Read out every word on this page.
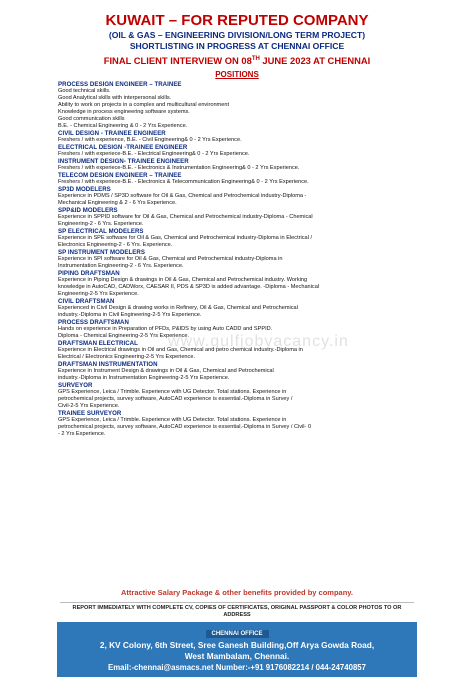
KUWAIT – FOR REPUTED COMPANY
(OIL & GAS – ENGINEERING DIVISION/LONG TERM PROJECT)
SHORTLISTING IN PROGRESS AT CHENNAI OFFICE
FINAL CLIENT INTERVIEW ON 08TH JUNE 2023 AT CHENNAI
POSITIONS
PROCESS DESIGN ENGINEER – TRAINEE
Good technical skills.
Good Analytical skills with interpersonal skills.
Ability to work on projects in a complex and multicultural environment
Knowledge in process engineering software systems.
Good communication skills
B.E. - Chemical Engineering & 0 - 2 Yrs Experience.
CIVIL DESIGN - TRAINEE ENGINEER
Freshers / with experience, B.E. - Civil Engineering& 0 - 2 Yrs Experience.
ELECTRICAL DESIGN -TRAINEE ENGINEER
Freshers / with experiece-B.E. - Electrical Engineering& 0 - 2 Yrs Experience.
INSTRUMENT DESIGN- TRAINEE ENGINEER
Freshers / with experiece-B.E. - Electronics & Instrumentation Engineering& 0 - 2 Yrs Experience.
TELECOM DESIGN ENGINEER – TRAINEE
Freshers / with experiece-B.E. - Electronics & Telecommunication Engineering& 0 - 2 Yrs Experience.
SP3D MODELERS
Experience in PDMS / SP3D software for Oil & Gas, Chemical and Petrochemical industry-Diploma -
Mechanical Engineering & 2 - 6 Yrs Experience.
SPP&ID MODELERS
Experience in SPPID software for Oil & Gas, Chemical and Petrochemical industry-Diploma - Chemical
Engineering-2 - 6 Yrs. Experience.
SP ELECTRICAL MODELERS
Experience in SPE software for Oil & Gas, Chemical and Petrochemical industry-Diploma in Electrical /
Electronics Engineering-2 - 6 Yrs. Experience.
SP INSTRUMENT MODELERS
Experience in SPI software for Oil & Gas, Chemical and Petrochemical industry-Diploma in
Instrumentation Engineering-2 - 6 Yrs. Experience.
PIPING DRAFTSMAN
Experience in Piping Design & drawings in Oil & Gas, Chemical and Petrochemical industry. Working
knowledge in AutoCAD, CADWorx, CAESAR II, PDS & SP3D is added advantage. -Diploma - Mechanical
Engineering-2-5 Yrs Experience.
CIVIL DRAFTSMAN
Experienced in Civil Design & drawing works in Refinery, Oil & Gas, Chemical and Petrochemical
industry.-Diploma in Civil Engineering-2-5 Yrs Experience.
PROCESS DRAFTSMAN
Hands on experience in Preparation of PFDs, P&IDS by using Auto CADD and SPPID.
Diploma - Chemical Engineering-2-5 Yrs Experience.
DRAFTSMAN ELECTRICAL
Experience in Electrical drawings in Oil and Gas, Chemical and petro chemical industry.-Diploma in
Electrical / Electronics Engineering-2-5 Yrs Experience.
DRAFTSMAN INSTRUMENTATION
Experience in Instrument Design & drawings in Oil & Gas, Chemical and Petrochemical
industry.-Diploma in Instrumentation Engineering-2-5 Yrs Experience.
SURVEYOR
GPS Experience, Leica / Trimble. Experience with UG Detector. Total stations. Experience in
petrochemical projects, survey software, AutoCAD experience is essential.-Diploma in Survey /
Civil-2-5 Yrs Experience.
TRAINEE SURVEYOR
GPS Experience, Leica / Trimble. Experience with UG Detector. Total stations. Experience in
petrochemical projects, survey software, AutoCAD experience is essential.-Diploma in Survey / Civil- 0
- 2 Yrs Experience.
www.gulfjobvacancy.in
Attractive Salary Package & other benefits provided by company.
REPORT IMMEDIATELY WITH COMPLETE CV, COPIES OF CERTIFICATES, ORIGINAL PASSPORT & COLOR PHOTOS TO OR ADDRESS
CHENNAI OFFICE
2, KV Colony, 6th Street, Sree Ganesh Building,Off Arya Gowda Road,
West Mambalam, Chennai.
Email:-chennai@asmacs.net Number:-+91 9176082214 / 044-24740857
